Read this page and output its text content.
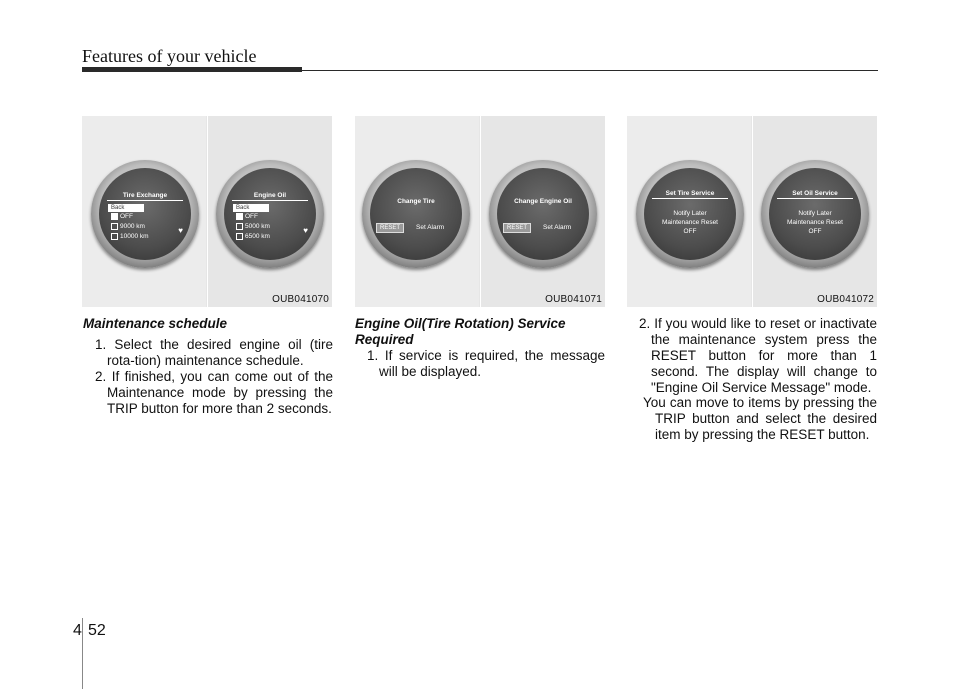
Features of your vehicle
Tire Exchange
Back
OFF
9000 km
10000 km
♥
Engine Oil
Back
OFF
5000 km
6500 km
♥
OUB041070
Change Tire
RESET	Set Alarm
Change Engine Oil
RESET	Set Alarm
OUB041071
Set Tire Service
Notify Later
Maintenance Reset
OFF
Set Oil Service
Notify Later
Maintenance Reset
OFF
OUB041072
Maintenance schedule

1. Select the desired engine oil (tire rota-tion) maintenance schedule.

2. If finished, you can come out of the Maintenance mode by pressing the TRIP button for more than 2 seconds.

Engine Oil(Tire Rotation) Service Required

1. If service is required, the message will be displayed.

2. If you would like to reset or inactivate the maintenance system press the RESET button for more than 1 second. The display will change to "Engine Oil Service Message" mode.

You can move to items by pressing the TRIP button and select the desired item by pressing the RESET button.

4 52
